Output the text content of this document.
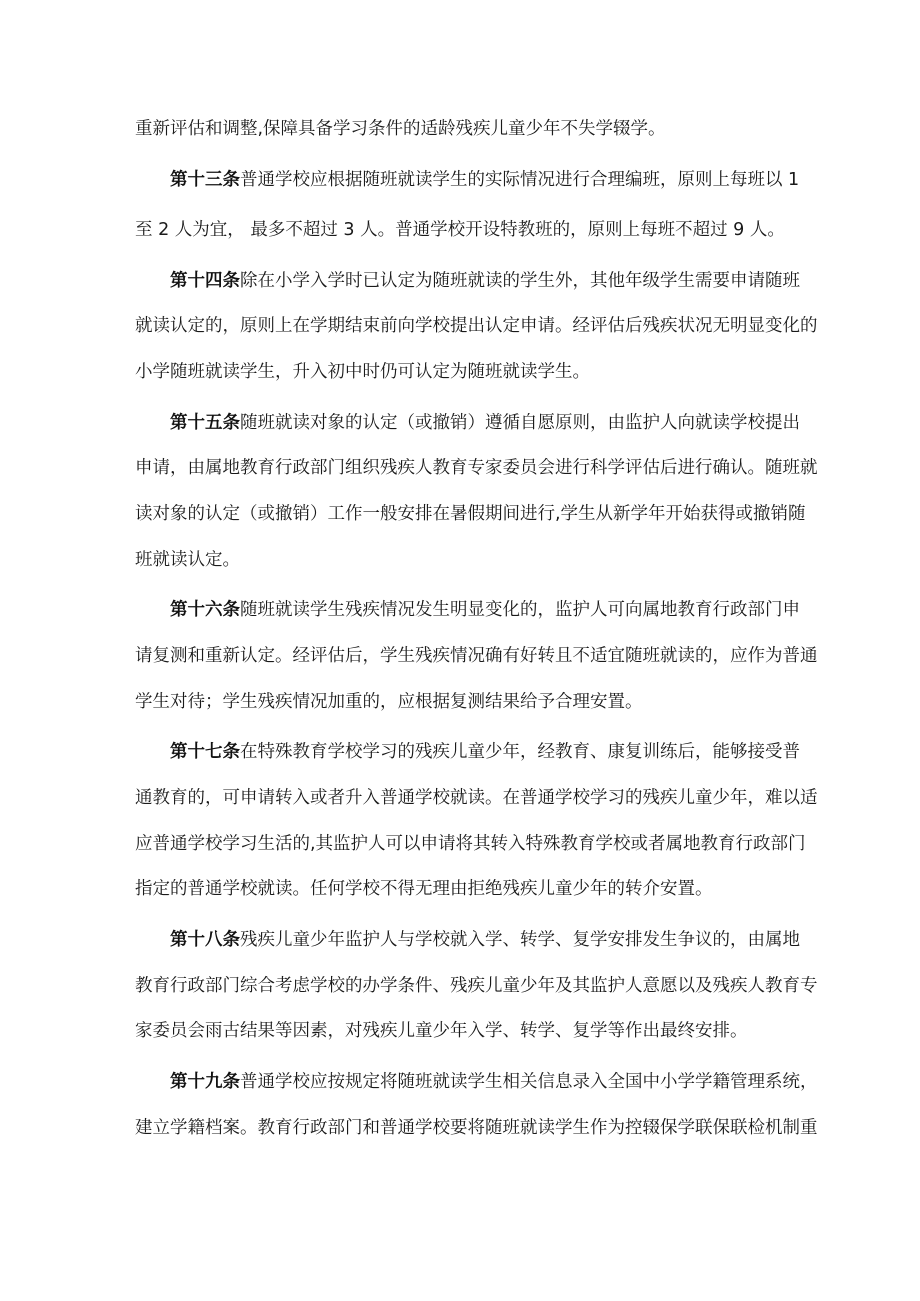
重新评估和调整,保障具备学习条件的适龄残疾儿童少年不失学辍学。
第十三条 普通学校应根据随班就读学生的实际情况进行合理编班，原则上每班以 1
至 2 人为宜， 最多不超过 3 人。普通学校开设特教班的，原则上每班不超过 9 人。
第十四条 除在小学入学时已认定为随班就读的学生外，其他年级学生需要申请随班
就读认定的，原则上在学期结束前向学校提出认定申请。经评估后残疾状况无明显变化的
小学随班就读学生，升入初中时仍可认定为随班就读学生。
第十五条 随班就读对象的认定（或撤销）遵循自愿原则，由监护人向就读学校提出
申请，由属地教育行政部门组织残疾人教育专家委员会进行科学评估后进行确认。随班就
读对象的认定（或撤销）工作一般安排在暑假期间进行,学生从新学年开始获得或撤销随
班就读认定。
第十六条 随班就读学生残疾情况发生明显变化的，监护人可向属地教育行政部门申
请复测和重新认定。经评估后，学生残疾情况确有好转且不适宜随班就读的，应作为普通
学生对待；学生残疾情况加重的，应根据复测结果给予合理安置。
第十七条 在特殊教育学校学习的残疾儿童少年，经教育、康复训练后，能够接受普
通教育的，可申请转入或者升入普通学校就读。在普通学校学习的残疾儿童少年，难以适
应普通学校学习生活的,其监护人可以申请将其转入特殊教育学校或者属地教育行政部门
指定的普通学校就读。任何学校不得无理由拒绝残疾儿童少年的转介安置。
第十八条 残疾儿童少年监护人与学校就入学、转学、复学安排发生争议的，由属地
教育行政部门综合考虑学校的办学条件、残疾儿童少年及其监护人意愿以及残疾人教育专
家委员会雨古结果等因素，对残疾儿童少年入学、转学、复学等作出最终安排。
第十九条 普通学校应按规定将随班就读学生相关信息录入全国中小学学籍管理系统，
建立学籍档案。教育行政部门和普通学校要将随班就读学生作为控辍保学联保联检机制重
